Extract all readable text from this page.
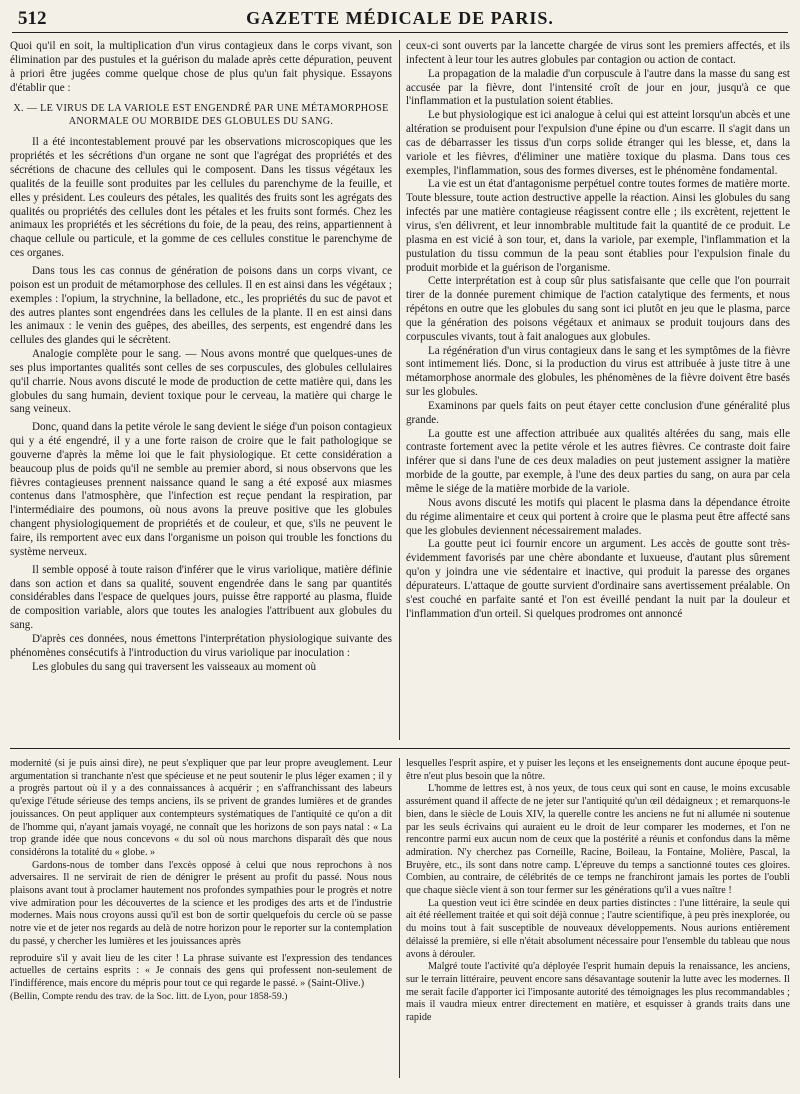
512	GAZETTE MÉDICALE DE PARIS.

Quoi qu'il en soit, la multiplication d'un virus contagieux dans le corps vivant, son élimination par des pustules et la guérison du malade après cette dépuration, peuvent à priori être jugées comme quelque chose de plus qu'un fait physique. Essayons d'établir que :

X. — LE VIRUS DE LA VARIOLE EST ENGENDRÉ PAR UNE MÉTAMORPHOSE ANORMALE OU MORBIDE DES GLOBULES DU SANG.

Il a été incontestablement prouvé par les observations microscopiques que les propriétés et les sécrétions d'un organe ne sont que l'agrégat des propriétés et des sécrétions de chacune des cellules qui le composent. Dans les tissus végétaux les qualités de la feuille sont produites par les cellules du parenchyme de la feuille, et elles y président. Les couleurs des pétales, les qualités des fruits sont les agrégats des qualités ou propriétés des cellules dont les pétales et les fruits sont formés. Chez les animaux les propriétés et les sécrétions du foie, de la peau, des reins, appartiennent à chaque cellule ou particule, et la gomme de ces cellules constitue le parenchyme de ces organes.

Dans tous les cas connus de génération de poisons dans un corps vivant, ce poison est un produit de métamorphose des cellules. Il en est ainsi dans les végétaux ; exemples : l'opium, la strychnine, la belladone, etc., les propriétés du suc de pavot et des autres plantes sont engendrées dans les cellules de la plante. Il en est ainsi dans les animaux : le venin des guêpes, des abeilles, des serpents, est engendré dans les cellules des glandes qui le sécrètent.

Analogie complète pour le sang. — Nous avons montré que quelques-unes de ses plus importantes qualités sont celles de ses corpuscules, des globules cellulaires qu'il charrie. Nous avons discuté le mode de production de cette matière qui, dans les globules du sang humain, devient toxique pour le cerveau, la matière qui charge le sang veineux.

Donc, quand dans la petite vérole le sang devient le siége d'un poison contagieux qui y a été engendré, il y a une forte raison de croire que le fait pathologique se gouverne d'après la même loi que le fait physiologique. Et cette considération a beaucoup plus de poids qu'il ne semble au premier abord, si nous observons que les fièvres contagieuses prennent naissance quand le sang a été exposé aux miasmes contenus dans l'atmosphère, que l'infection est reçue pendant la respiration, par l'intermédiaire des poumons, où nous avons la preuve positive que les globules changent physiologiquement de propriétés et de couleur, et que, s'ils ne peuvent le faire, ils remportent avec eux dans l'organisme un poison qui trouble les fonctions du système nerveux.

Il semble opposé à toute raison d'inférer que le virus variolique, matière définie dans son action et dans sa qualité, souvent engendrée dans le sang par quantités considérables dans l'espace de quelques jours, puisse être rapporté au plasma, fluide de composition variable, alors que toutes les analogies l'attribuent aux globules du sang.

D'après ces données, nous émettons l'interprétation physiologique suivante des phénomènes consécutifs à l'introduction du virus variolique par inoculation :

Les globules du sang qui traversent les vaisseaux au moment où

ceux-ci sont ouverts par la lancette chargée de virus sont les premiers affectés, et ils infectent à leur tour les autres globules par contagion ou action de contact.

La propagation de la maladie d'un corpuscule à l'autre dans la masse du sang est accusée par la fièvre, dont l'intensité croît de jour en jour, jusqu'à ce que l'inflammation et la pustulation soient établies.

Le but physiologique est ici analogue à celui qui est atteint lorsqu'un abcès et une altération se produisent pour l'expulsion d'une épine ou d'un escarre. Il s'agit dans un cas de débarrasser les tissus d'un corps solide étranger qui les blesse, et, dans la variole et les fièvres, d'éliminer une matière toxique du plasma. Dans tous ces exemples, l'inflammation, sous des formes diverses, est le phénomène fondamental.

La vie est un état d'antagonisme perpétuel contre toutes formes de matière morte. Toute blessure, toute action destructive appelle la réaction. Ainsi les globules du sang infectés par une matière contagieuse réagissent contre elle ; ils excrètent, rejettent le virus, s'en délivrent, et leur innombrable multitude fait la quantité de ce produit. Le plasma en est vicié à son tour, et, dans la variole, par exemple, l'inflammation et la pustulation du tissu commun de la peau sont établies pour l'expulsion finale du produit morbide et la guérison de l'organisme.

Cette interprétation est à coup sûr plus satisfaisante que celle que l'on pourrait tirer de la donnée purement chimique de l'action catalytique des ferments, et nous répétons en outre que les globules du sang sont ici plutôt en jeu que le plasma, parce que la génération des poisons végétaux et animaux se produit toujours dans des corpuscules vivants, tout à fait analogues aux globules.

La régénération d'un virus contagieux dans le sang et les symptômes de la fièvre sont intimement liés. Donc, si la production du virus est attribuée à juste titre à une métamorphose anormale des globules, les phénomènes de la fièvre doivent être basés sur les globules.

Examinons par quels faits on peut étayer cette conclusion d'une généralité plus grande.

La goutte est une affection attribuée aux qualités altérées du sang, mais elle contraste fortement avec la petite vérole et les autres fièvres. Ce contraste doit faire inférer que si dans l'une de ces deux maladies on peut justement assigner la matière morbide de la goutte, par exemple, à l'une des deux parties du sang, on aura par cela même le siége de la matière morbide de la variole.

Nous avons discuté les motifs qui placent le plasma dans la dépendance étroite du régime alimentaire et ceux qui portent à croire que le plasma peut être affecté sans que les globules deviennent nécessairement malades.

La goutte peut ici fournir encore un argument. Les accès de goutte sont très-évidemment favorisés par une chère abondante et luxueuse, d'autant plus sûrement qu'on y joindra une vie sédentaire et inactive, qui produit la paresse des organes dépurateurs. L'attaque de goutte survient d'ordinaire sans avertissement préalable. On s'est couché en parfaite santé et l'on est éveillé pendant la nuit par la douleur et l'inflammation d'un orteil. Si quelques prodromes ont annoncé

modernité (si je puis ainsi dire), ne peut s'expliquer que par leur propre aveuglement. Leur argumentation si tranchante n'est que spécieuse et ne peut soutenir le plus léger examen ; il y a progrès partout où il y a des connaissances à acquérir ; en s'affranchissant des labeurs qu'exige l'étude sérieuse des temps anciens, ils se privent de grandes lumières et de grandes jouissances. On peut appliquer aux contempteurs systématiques de l'antiquité ce qu'on a dit de l'homme qui, n'ayant jamais voyagé, ne connaît que les horizons de son pays natal : « La trop grande idée que nous concevons « du sol où nous marchons disparaît dès que nous considérons la totalité du « globe. »

Gardons-nous de tomber dans l'excès opposé à celui que nous reprochons à nos adversaires. Il ne servirait de rien de dénigrer le présent au profit du passé. Nous nous plaisons avant tout à proclamer hautement nos profondes sympathies pour le progrès et notre vive admiration pour les découvertes de la science et les prodiges des arts et de l'industrie modernes. Mais nous croyons aussi qu'il est bon de sortir quelquefois du cercle où se passe notre vie et de jeter nos regards au delà de notre horizon pour le reporter sur la contemplation du passé, y chercher les lumières et les jouissances après

reproduire s'il y avait lieu de les citer ! La phrase suivante est l'expression des tendances actuelles de certains esprits : « Je connais des gens qui professent non-seulement de l'indifférence, mais encore du mépris pour tout ce qui regarde le passé. » (Saint-Olive.)

(Bellin, Compte rendu des trav. de la Soc. litt. de Lyon, pour 1858-59.)

lesquelles l'esprit aspire, et y puiser les leçons et les enseignements dont aucune époque peut-être n'eut plus besoin que la nôtre.

L'homme de lettres est, à nos yeux, de tous ceux qui sont en cause, le moins excusable assurément quand il affecte de ne jeter sur l'antiquité qu'un œil dédaigneux ; et remarquons-le bien, dans le siècle de Louis XIV, la querelle contre les anciens ne fut ni allumée ni soutenue par les seuls écrivains qui auraient eu le droit de leur comparer les modernes, et l'on ne rencontre parmi eux aucun nom de ceux que la postérité a réunis et confondus dans la même admiration. N'y cherchez pas Corneille, Racine, Boileau, la Fontaine, Molière, Pascal, la Bruyère, etc., ils sont dans notre camp. L'épreuve du temps a sanctionné toutes ces gloires. Combien, au contraire, de célébrités de ce temps ne franchiront jamais les portes de l'oubli que chaque siècle vient à son tour fermer sur les générations qu'il a vues naître !

La question veut ici être scindée en deux parties distinctes : l'une littéraire, la seule qui ait été réellement traitée et qui soit déjà connue ; l'autre scientifique, à peu près inexplorée, ou du moins tout à fait susceptible de nouveaux développements. Nous aurions entièrement délaissé la première, si elle n'était absolument nécessaire pour l'ensemble du tableau que nous avons à dérouler.

Malgré toute l'activité qu'a déployée l'esprit humain depuis la renaissance, les anciens, sur le terrain littéraire, peuvent encore sans désavantage soutenir la lutte avec les modernes. Il me serait facile d'apporter ici l'imposante autorité des témoignages les plus recommandables ; mais il vaudra mieux entrer directement en matière, et esquisser à grands traits dans une rapide
